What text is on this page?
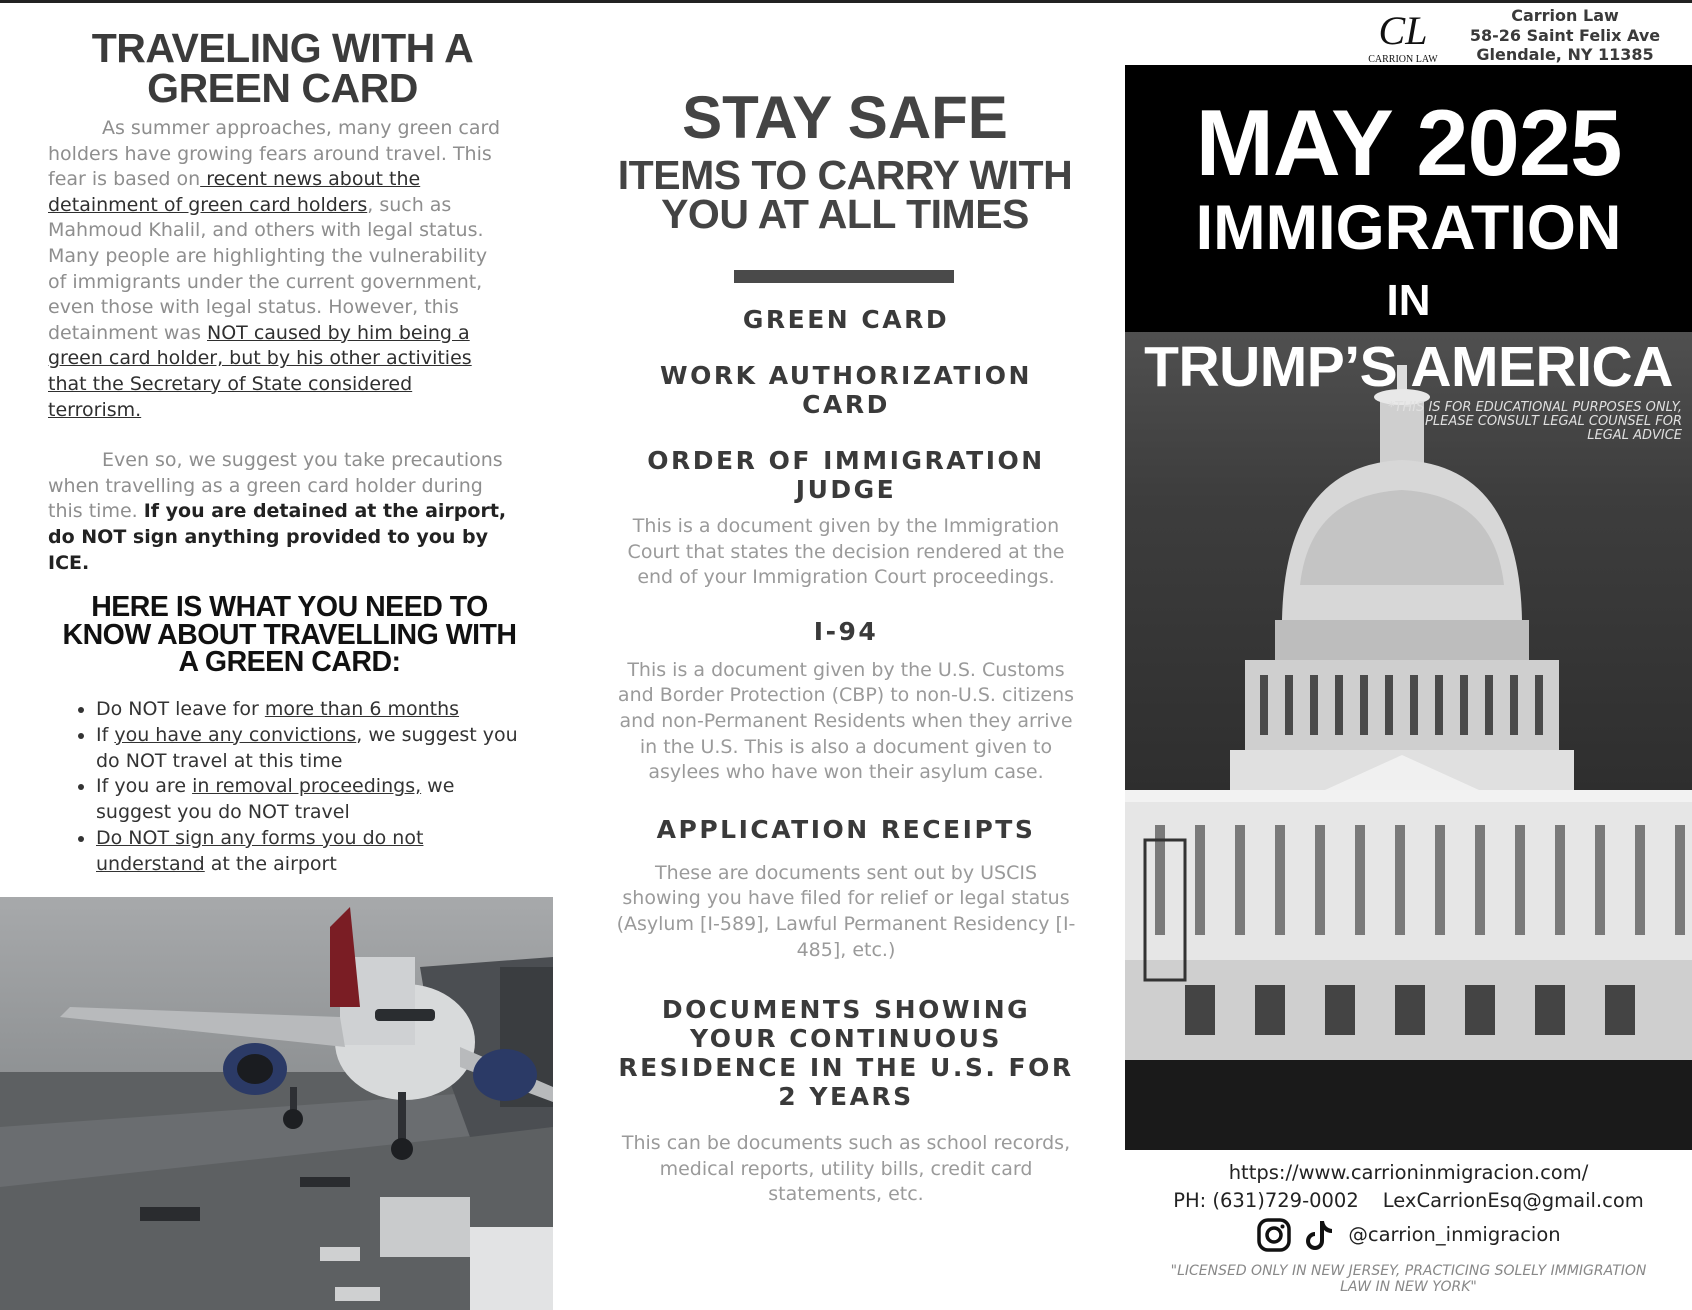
TRAVELING WITH A GREEN CARD

As summer approaches, many green card holders have growing fears around travel. This fear is based on recent news about the detainment of green card holders, such as Mahmoud Khalil, and others with legal status. Many people are highlighting the vulnerability of immigrants under the current government, even those with legal status. However, this detainment was NOT caused by him being a green card holder, but by his other activities that the Secretary of State considered terrorism.

Even so, we suggest you take precautions when travelling as a green card holder during this time. If you are detained at the airport, do NOT sign anything provided to you by ICE.

HERE IS WHAT YOU NEED TO KNOW ABOUT TRAVELLING WITH A GREEN CARD:
• Do NOT leave for more than 6 months
• If you have any convictions, we suggest you do NOT travel at this time
• If you are in removal proceedings, we suggest you do NOT travel
• Do NOT sign any forms you do not understand at the airport
STAY SAFE
ITEMS TO CARRY WITH YOU AT ALL TIMES
GREEN CARD
WORK AUTHORIZATION CARD
ORDER OF IMMIGRATION JUDGE
This is a document given by the Immigration Court that states the decision rendered at the end of your Immigration Court proceedings.
I-94
This is a document given by the U.S. Customs and Border Protection (CBP) to non-U.S. citizens and non-Permanent Residents when they arrive in the U.S. This is also a document given to asylees who have won their asylum case.
APPLICATION RECEIPTS
These are documents sent out by USCIS showing you have filed for relief or legal status (Asylum [I-589], Lawful Permanent Residency [I-485], etc.)
DOCUMENTS SHOWING YOUR CONTINUOUS RESIDENCE IN THE U.S. FOR 2 YEARS
This can be documents such as school records, medical reports, utility bills, credit card statements, etc.
CL
CARRION LAW
Carrion Law
58-26 Saint Felix Ave
Glendale, NY 11385
MAY 2025
IMMIGRATION
IN
TRUMP’S AMERICA
*THIS IS FOR EDUCATIONAL PURPOSES ONLY, PLEASE CONSULT LEGAL COUNSEL FOR LEGAL ADVICE
https://www.carrioninmigracion.com/
PH: (631)729-0002 LexCarrionEsq@gmail.com
@carrion_inmigracion
"LICENSED ONLY IN NEW JERSEY, PRACTICING SOLELY IMMIGRATION LAW IN NEW YORK"
